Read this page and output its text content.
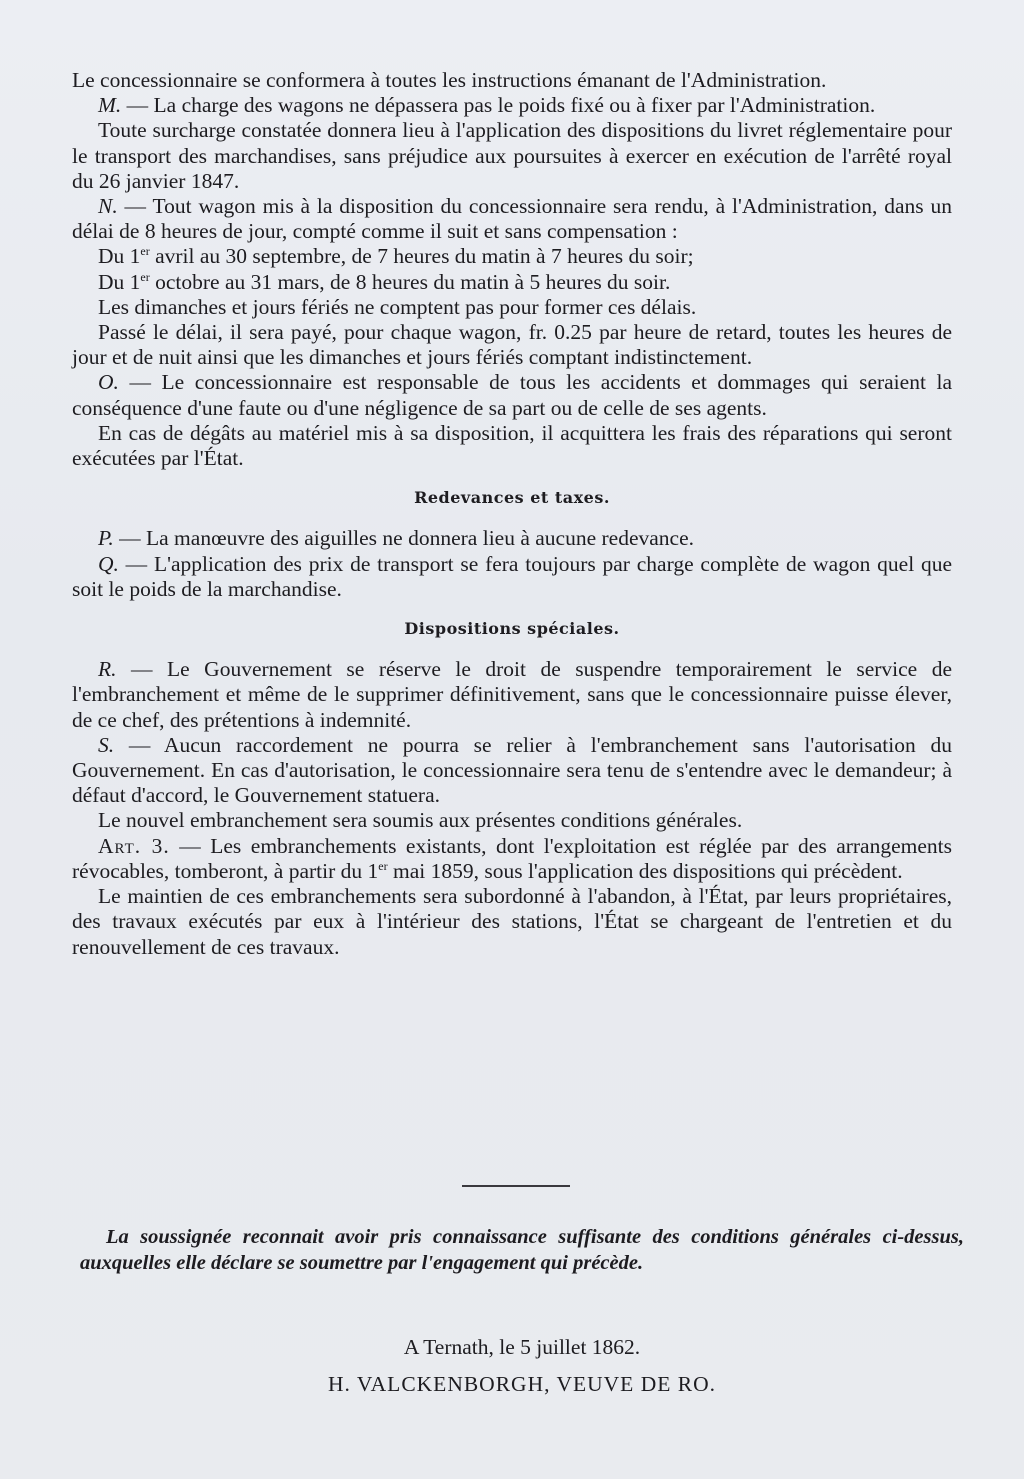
Le concessionnaire se conformera à toutes les instructions émanant de l'Administration.

M. — La charge des wagons ne dépassera pas le poids fixé ou à fixer par l'Administration.

Toute surcharge constatée donnera lieu à l'application des dispositions du livret réglementaire pour le transport des marchandises, sans préjudice aux poursuites à exercer en exécution de l'arrêté royal du 26 janvier 1847.

N. — Tout wagon mis à la disposition du concessionnaire sera rendu, à l'Administration, dans un délai de 8 heures de jour, compté comme il suit et sans compensation :

Du 1er avril au 30 septembre, de 7 heures du matin à 7 heures du soir;

Du 1er octobre au 31 mars, de 8 heures du matin à 5 heures du soir.

Les dimanches et jours fériés ne comptent pas pour former ces délais.

Passé le délai, il sera payé, pour chaque wagon, fr. 0.25 par heure de retard, toutes les heures de jour et de nuit ainsi que les dimanches et jours fériés comptant indistinctement.

O. — Le concessionnaire est responsable de tous les accidents et dommages qui seraient la conséquence d'une faute ou d'une négligence de sa part ou de celle de ses agents.

En cas de dégâts au matériel mis à sa disposition, il acquittera les frais des réparations qui seront exécutées par l'État.

Redevances et taxes.

P. — La manœuvre des aiguilles ne donnera lieu à aucune redevance.

Q. — L'application des prix de transport se fera toujours par charge complète de wagon quel que soit le poids de la marchandise.

Dispositions spéciales.

R. — Le Gouvernement se réserve le droit de suspendre temporairement le service de l'embranchement et même de le supprimer définitivement, sans que le concessionnaire puisse élever, de ce chef, des prétentions à indemnité.

S. — Aucun raccordement ne pourra se relier à l'embranchement sans l'autorisation du Gouvernement. En cas d'autorisation, le concessionnaire sera tenu de s'entendre avec le demandeur; à défaut d'accord, le Gouvernement statuera.

Le nouvel embranchement sera soumis aux présentes conditions générales.

Art. 3. — Les embranchements existants, dont l'exploitation est réglée par des arrangements révocables, tomberont, à partir du 1er mai 1859, sous l'application des dispositions qui précèdent.

Le maintien de ces embranchements sera subordonné à l'abandon, à l'État, par leurs propriétaires, des travaux exécutés par eux à l'intérieur des stations, l'État se chargeant de l'entretien et du renouvellement de ces travaux.

La soussignée reconnait avoir pris connaissance suffisante des conditions générales ci-dessus, auxquelles elle déclare se soumettre par l'engagement qui précède.

A Ternath, le 5 juillet 1862.
H. VALCKENBORGH, VEUVE DE RO.
